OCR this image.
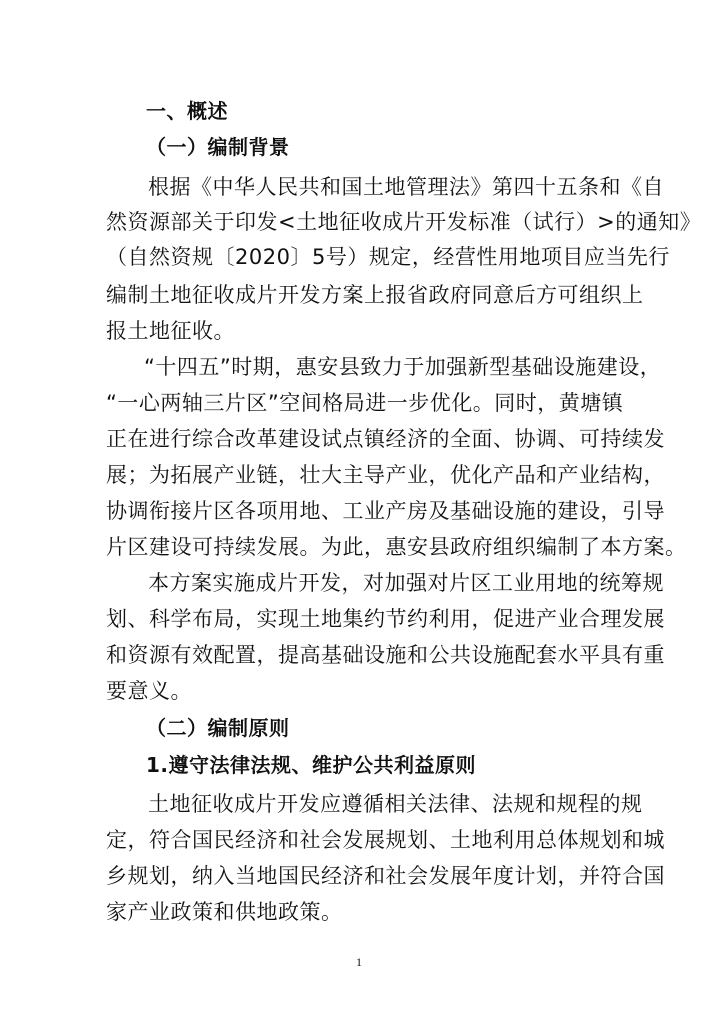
一、概述
（一）编制背景
根 据 《 中 华 人 民 共 和 国 土 地 管 理 法 》 第 四 十 五 条 和 《 自
然 资 源 部 关 于 印 发 < 土 地 征 收 成 片 开 发 标 准 （ 试 行 ） > 的 通 知 》
（ 自 然 资 规 〔 2 0 2 0 〕 5 号 ） 规 定 ， 经 营 性 用 地 项 目 应 当 先 行
编 制 土 地 征 收 成 片 开 发 方 案 上 报 省 政 府 同 意 后 方 可 组 织 上
报土地征收。
“ 十 四 五 ” 时 期 ， 惠 安 县 致 力 于 加 强 新 型 基 础 设 施 建 设 ，
“ 一 心 两 轴 三 片 区 ” 空 间 格 局 进 一 步 优 化 。 同 时 ， 黄 塘 镇
正 在 进 行 综 合 改 革 建 设 试 点 镇 经 济 的 全 面 、 协 调 、 可 持 续 发
展 ； 为 拓 展 产 业 链 ， 壮 大 主 导 产 业 ， 优 化 产 品 和 产 业 结 构 ，
协 调 衔 接 片 区 各 项 用 地 、 工 业 产 房 及 基 础 设 施 的 建 设 ， 引 导
片 区 建 设 可 持 续 发 展 。 为 此 ， 惠 安 县 政 府 组 织 编 制 了 本 方 案 。
本 方 案 实 施 成 片 开 发 ， 对 加 强 对 片 区 工 业 用 地 的 统 筹 规
划 、 科 学 布 局 ， 实 现 土 地 集 约 节 约 利 用 ， 促 进 产 业 合 理 发 展
和 资 源 有 效 配 置 ， 提 高 基 础 设 施 和 公 共 设 施 配 套 水 平 具 有 重
要意义。
（二）编制原则
1.遵守法律法规、维护公共利益原则
土 地 征 收 成 片 开 发 应 遵 循 相 关 法 律 、 法 规 和 规 程 的 规
定 ， 符 合 国 民 经 济 和 社 会 发 展 规 划 、 土 地 利 用 总 体 规 划 和 城
乡 规 划 ， 纳 入 当 地 国 民 经 济 和 社 会 发 展 年 度 计 划 ， 并 符 合 国
家产业政策和供地政策。
1
